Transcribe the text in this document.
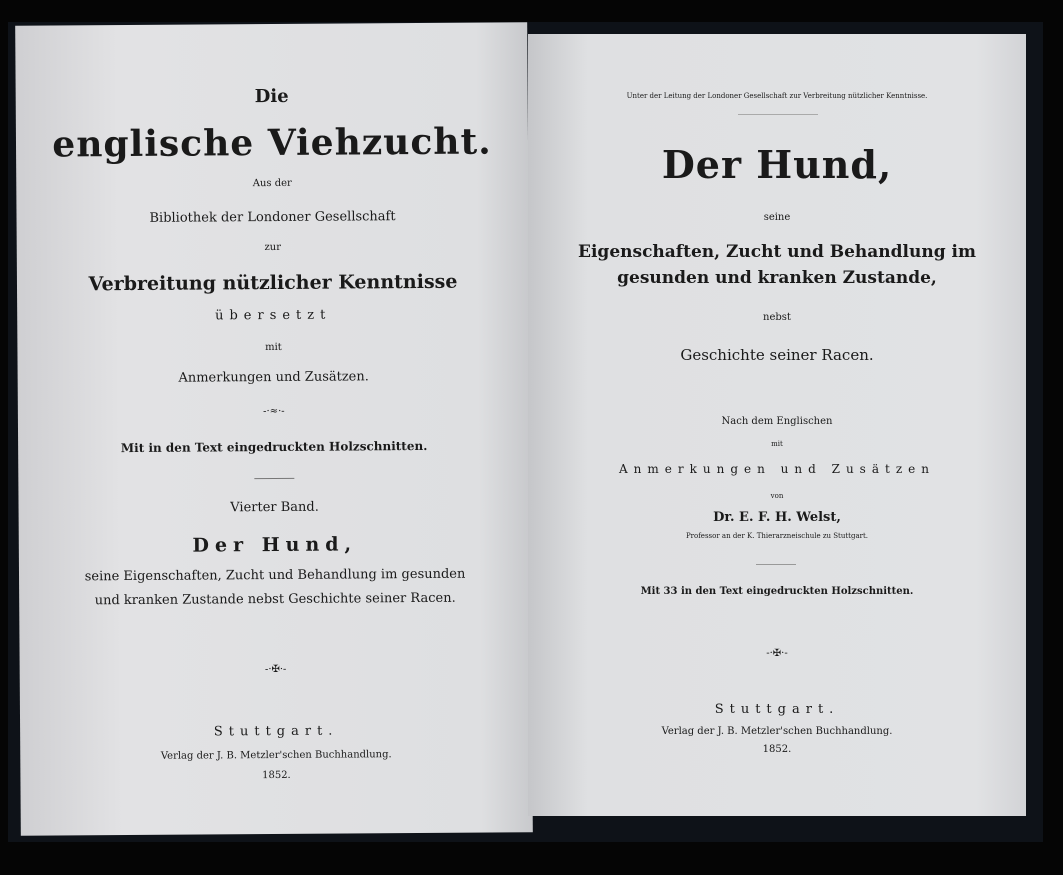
Die
englische Viehzucht.
Aus der
Bibliothek der Londoner Gesellschaft
zur
Verbreitung nützlicher Kenntnisse
übersetzt
mit
Anmerkungen und Zusätzen.
-·≈·-
Mit in den Text eingedruckten Holzschnitten.
Vierter Band.
Der Hund,
seine Eigenschaften, Zucht und Behandlung im gesunden
und kranken Zustande nebst Geschichte seiner Racen.
-·✠·-
Stuttgart.
Verlag der J. B. Metzler'schen Buchhandlung.
1852.
Unter der Leitung der Londoner Gesellschaft zur Verbreitung nützlicher Kenntnisse.
Der Hund,
seine
Eigenschaften, Zucht und Behandlung im
gesunden und kranken Zustande,
nebst
Geschichte seiner Racen.
Nach dem Englischen
mit
Anmerkungen und Zusätzen
von
Dr. E. F. H. Welst,
Professor an der K. Thierarzneischule zu Stuttgart.
Mit 33 in den Text eingedruckten Holzschnitten.
-·✠·-
Stuttgart.
Verlag der J. B. Metzler'schen Buchhandlung.
1852.
